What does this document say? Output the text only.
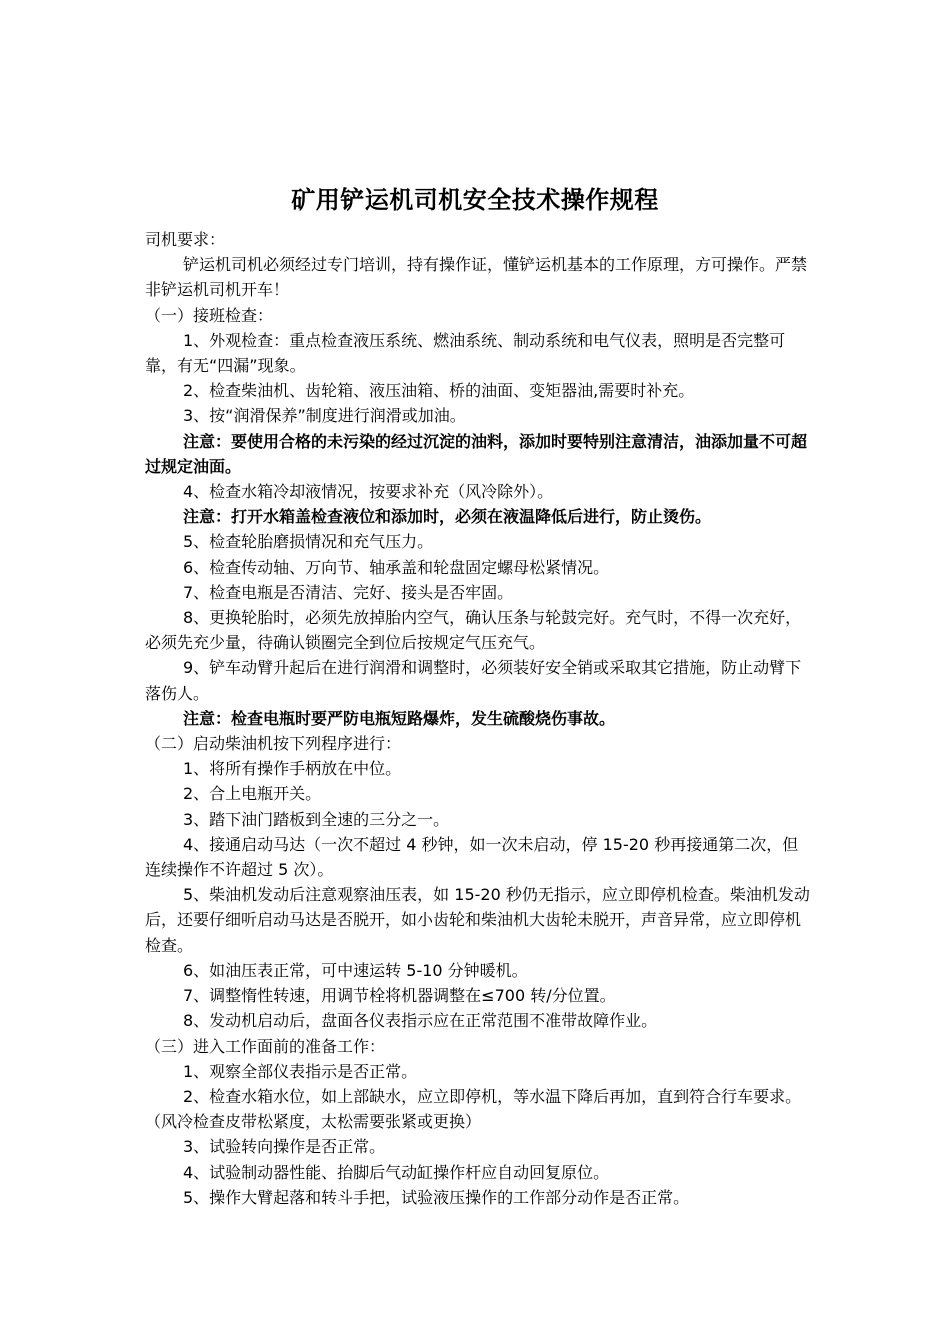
矿用铲运机司机安全技术操作规程

司机要求：

铲运机司机必须经过专门培训，持有操作证，懂铲运机基本的工作原理，方可操作。严禁非铲运机司机开车！

（一）接班检查：

1、外观检查：重点检查液压系统、燃油系统、制动系统和电气仪表，照明是否完整可靠，有无“四漏”现象。

2、检查柴油机、齿轮箱、液压油箱、桥的油面、变矩器油,需要时补充。

3、按“润滑保养”制度进行润滑或加油。

注意：要使用合格的未污染的经过沉淀的油料，添加时要特别注意清洁，油添加量不可超过规定油面。

4、检查水箱冷却液情况，按要求补充（风冷除外）。

注意：打开水箱盖检查液位和添加时，必须在液温降低后进行，防止烫伤。

5、检查轮胎磨损情况和充气压力。

6、检查传动轴、万向节、轴承盖和轮盘固定螺母松紧情况。

7、检查电瓶是否清洁、完好、接头是否牢固。

8、更换轮胎时，必须先放掉胎内空气，确认压条与轮鼓完好。充气时，不得一次充好，必须先充少量，待确认锁圈完全到位后按规定气压充气。

9、铲车动臂升起后在进行润滑和调整时，必须装好安全销或采取其它措施，防止动臂下落伤人。

注意：检查电瓶时要严防电瓶短路爆炸，发生硫酸烧伤事故。

（二）启动柴油机按下列程序进行：

1、将所有操作手柄放在中位。

2、合上电瓶开关。

3、踏下油门踏板到全速的三分之一。

4、接通启动马达（一次不超过 4 秒钟，如一次未启动，停 15-20 秒再接通第二次，但连续操作不许超过 5 次）。

5、柴油机发动后注意观察油压表，如 15-20 秒仍无指示，应立即停机检查。柴油机发动后，还要仔细听启动马达是否脱开，如小齿轮和柴油机大齿轮未脱开，声音异常，应立即停机检查。

6、如油压表正常，可中速运转 5-10 分钟暖机。

7、调整惰性转速，用调节栓将机器调整在≤700 转/分位置。

8、发动机启动后，盘面各仪表指示应在正常范围不准带故障作业。

（三）进入工作面前的准备工作：

1、观察全部仪表指示是否正常。

2、检查水箱水位，如上部缺水，应立即停机，等水温下降后再加，直到符合行车要求。（风冷检查皮带松紧度，太松需要张紧或更换）

3、试验转向操作是否正常。

4、试验制动器性能、抬脚后气动缸操作杆应自动回复原位。

5、操作大臂起落和转斗手把，试验液压操作的工作部分动作是否正常。
